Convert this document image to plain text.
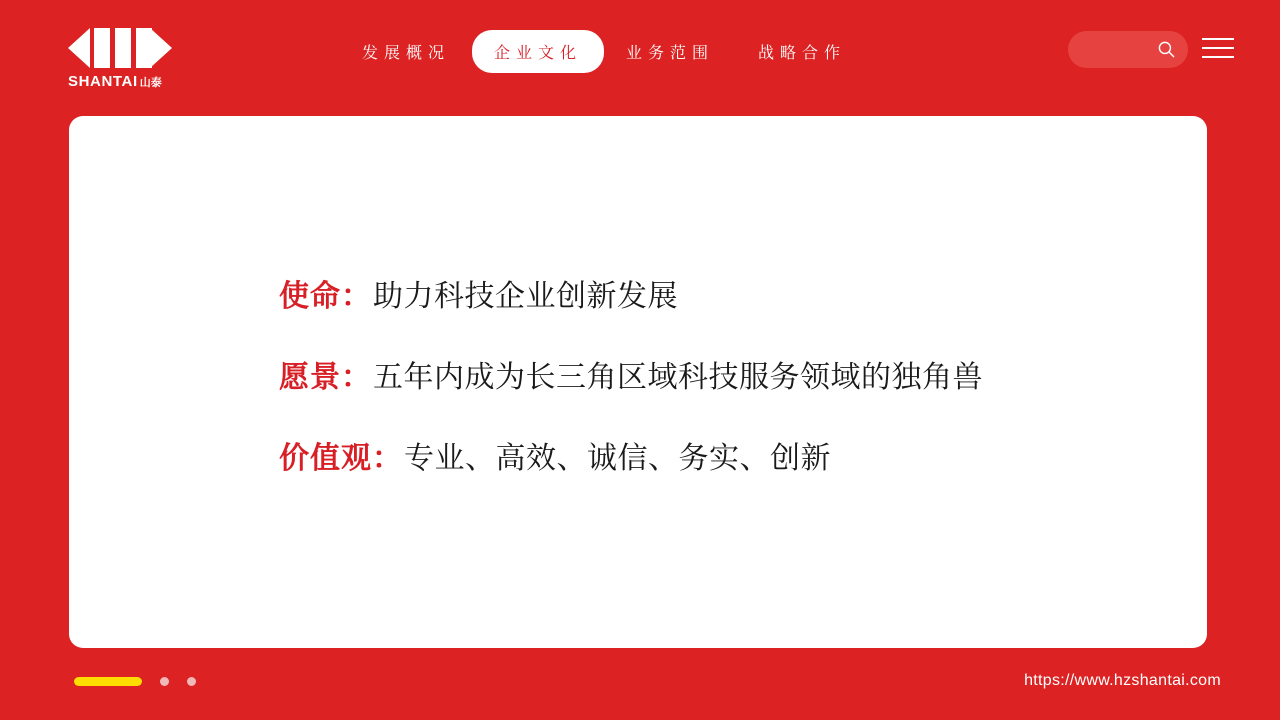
SHANTAI 山泰
发展概况	企业文化	业务范围	战略合作
使命 ： 助力科技企业创新发展
愿景 ： 五年内成为长三角区域科技服务领域的独角兽
价值观 ： 专业、高效、诚信、务实、创新
https://www.hzshantai.com
